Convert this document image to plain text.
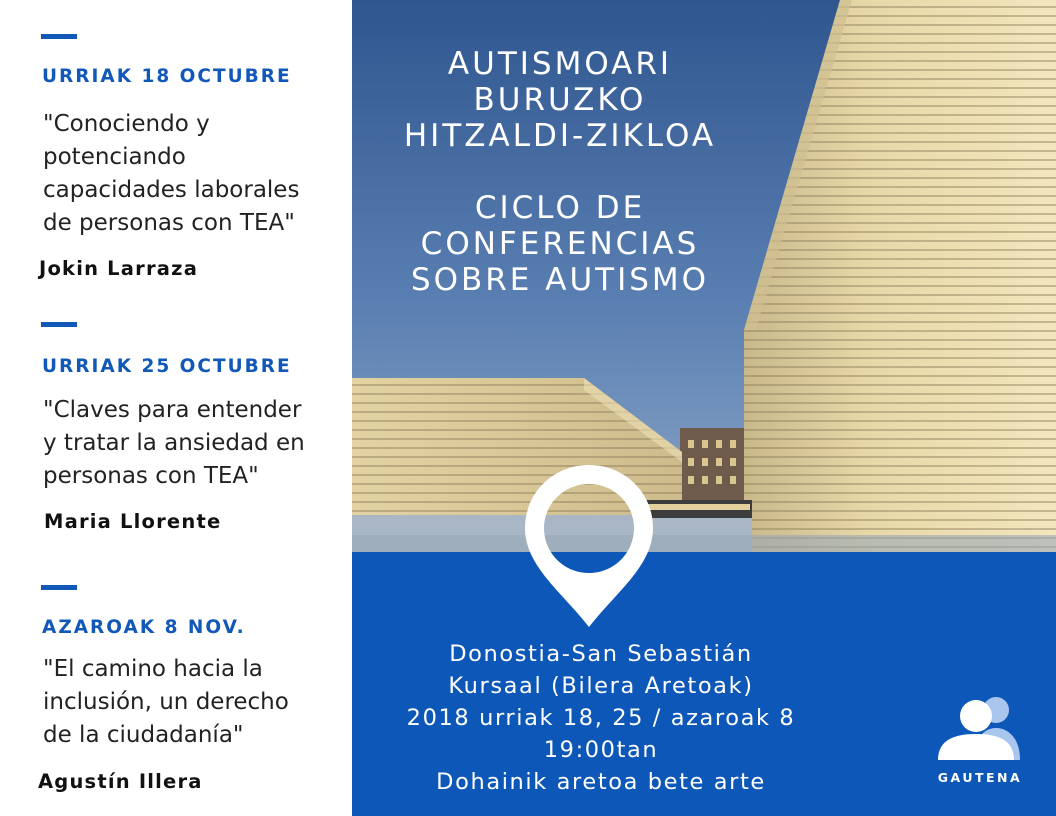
URRIAK 18 OCTUBRE
"Conociendo y
potenciando
capacidades laborales
de personas con TEA"
Jokin Larraza
URRIAK 25 OCTUBRE
"Claves para entender
y tratar la ansiedad en
personas con TEA"
Maria Llorente
AZAROAK 8 NOV.
"El camino hacia la
inclusión, un derecho
de la ciudadanía"
Agustín Illera
AUTISMOARI
BURUZKO
HITZALDI-ZIKLOA
CICLO DE
CONFERENCIAS
SOBRE AUTISMO
Donostia-San Sebastián
Kursaal (Bilera Aretoak)
2018 urriak 18, 25 / azaroak 8
19:00tan
Dohainik aretoa bete arte	GAUTENA
